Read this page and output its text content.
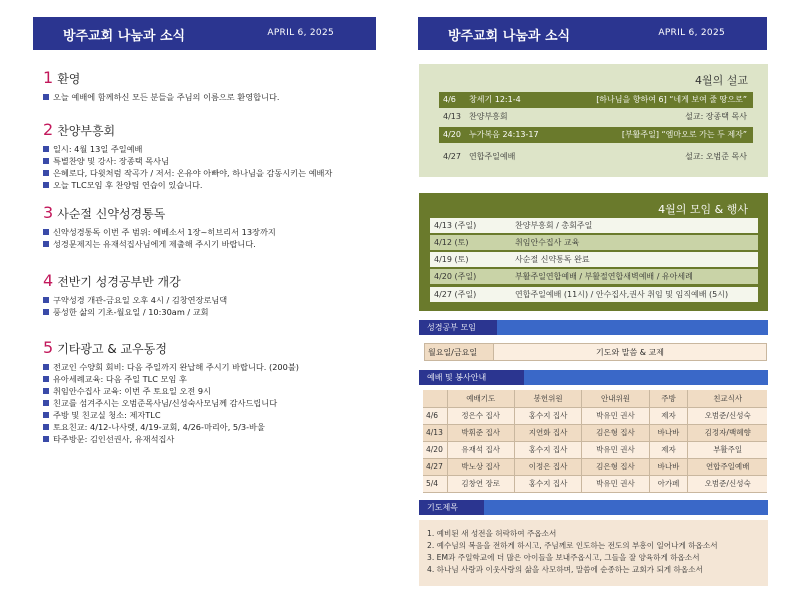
방주교회 나눔과 소식	APRIL 6, 2025	방주교회 나눔과 소식	APRIL 6, 2025
1 환영
오늘 예배에 함께하신 모든 분들을 주님의 이름으로 환영합니다.
2 찬양부흥회
일시: 4월 13일 주일예배
특별찬양 및 강사: 장종택 목사님
은혜로다, 다윗처럼 작곡가 / 저서: 온유야 아빠야, 하나님을 감동시키는 예배자
오늘 TLC모임 후 찬양팀 연습이 있습니다.
3 사순절 신약성경통독
신약성경통독 이번 주 범위: 에베소서 1장~히브리서 13장까지
성경문제지는 유재석집사님에게 제출해 주시기 바랍니다.
4 전반기 성경공부반 개강
구약성경 개관-금요일 오후 4시 / 김창연장로님댁
풍성한 삶의 기초-월요일 / 10:30am / 교회
5 기타광고 & 교우동정
전교인 수양회 회비: 다음 주일까지 완납해 주시기 바랍니다. (200불)
유아세례교육: 다음 주일 TLC 모임 후
취임안수집사 교육: 이번 주 토요일 오전 9시
친교를 섬겨주시는 오범준목사님/신성숙사모님께 감사드립니다
주방 및 친교실 청소: 제자TLC
토요친교: 4/12-나사렛, 4/19-교회, 4/26-마리아, 5/3-바울
타주방문: 김인선권사, 유재석집사
4월의 설교
4/6 창세기 12:1-4	[하나님을 향하여 6] “네게 보여 줄 땅으로”
4/13 찬양부흥회	설교: 장종택 목사
4/20 누가복음 24:13-17	[부활주일] “엠마오로 가는 두 제자”
4/27 연합주일예배	설교: 오범준 목사
4월의 모임 & 행사
4/13 (주일)	찬양부흥회 / 총회주일
4/12 (토)	취임안수집사 교육
4/19 (토)	사순절 신약통독 완료
4/20 (주일)	부활주일연합예배 / 부활절연합새벽예배 / 유아세례
4/27 (주일)	연합주일예배 (11시) / 안수집사,권사 취임 및 임직예배 (5시)
성경공부 모임
월요일/금요일	기도와 말씀 & 교제
예배 및 봉사안내
	예배기도	봉헌위원	안내위원	주방	친교식사
4/6	정은수 집사	홍수지 집사	박유민 권사	제자	오범준/신성숙
4/13	박휘준 집사	지연화 집사	김은형 집사	바나바	김정자/백혜향
4/20	유재석 집사	홍수지 집사	박유민 권사	제자	부활주일
4/27	박노상 집사	이정은 집사	김은형 집사	바나바	연합주일예배
5/4	김창연 장로	홍수지 집사	박유민 권사	아가페	오범준/신성숙
기도제목
1. 예비된 새 성전을 허락하여 주옵소서
2. 예수님의 복음을 전하게 하시고, 주님께로 인도하는 전도의 부흥이 일어나게 하옵소서
3. EM과 주일학교에 더 많은 아이들을 보내주옵시고, 그들을 잘 양육하게 하옵소서
4. 하나님 사랑과 이웃사랑의 삶을 사모하며, 말씀에 순종하는 교회가 되게 하옵소서
